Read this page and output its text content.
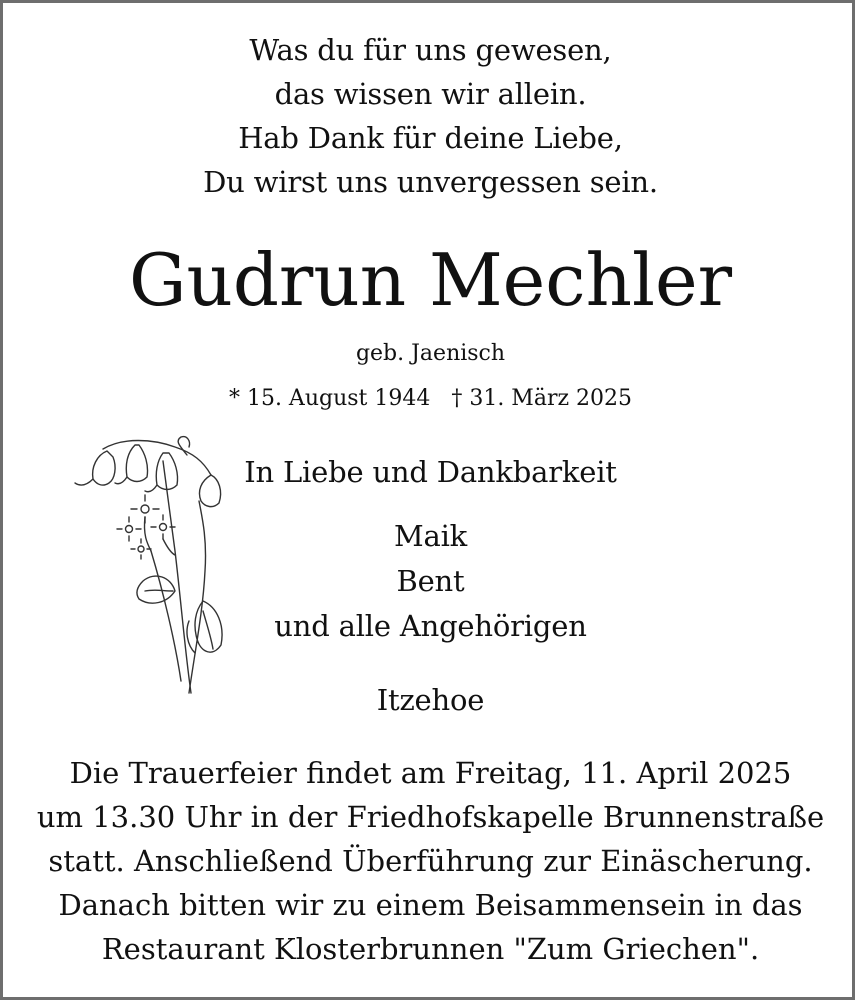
Was du für uns gewesen,
das wissen wir allein.
Hab Dank für deine Liebe,
Du wirst uns unvergessen sein.
Gudrun Mechler
geb. Jaenisch
* 15. August 1944   † 31. März 2025
In Liebe und Dankbarkeit
Maik
Bent
und alle Angehörigen
Itzehoe
Die Trauerfeier findet am Freitag, 11. April 2025
um 13.30 Uhr in der Friedhofskapelle Brunnenstraße
statt. Anschließend Überführung zur Einäscherung.
Danach bitten wir zu einem Beisammensein in das
Restaurant Klosterbrunnen "Zum Griechen".
